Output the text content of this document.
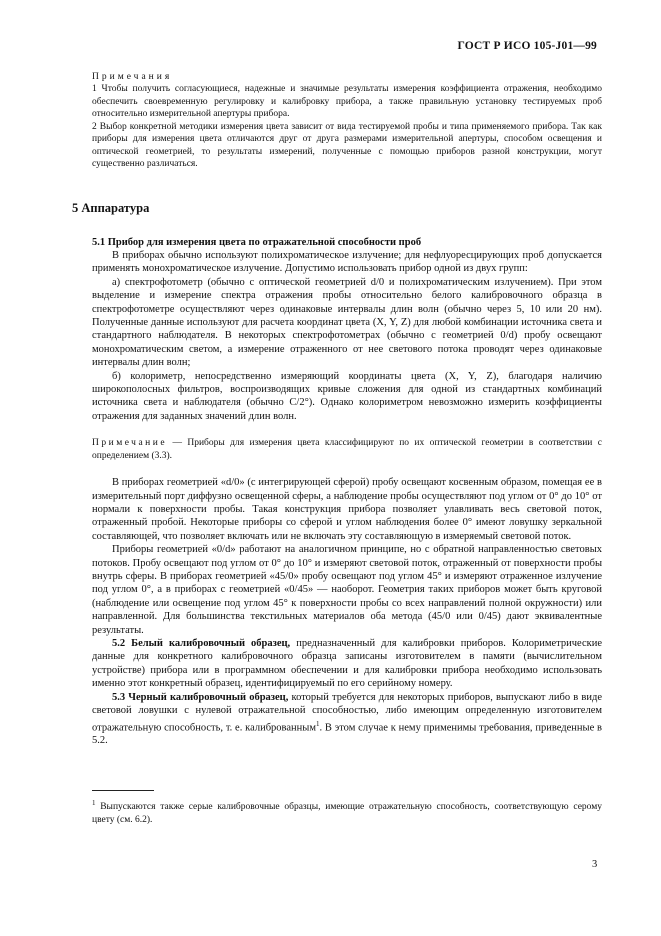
ГОСТ Р ИСО 105-J01—99

Примечания

1 Чтобы получить согласующиеся, надежные и значимые результаты измерения коэффициента отражения, необходимо обеспечить своевременную регулировку и калибровку прибора, а также правильную установку тестируемых проб относительно измерительной апертуры прибора.

2 Выбор конкретной методики измерения цвета зависит от вида тестируемой пробы и типа применяемого прибора. Так как приборы для измерения цвета отличаются друг от друга размерами измерительной апертуры, способом освещения и оптической геометрией, то результаты измерений, полученные с помощью приборов разной конструкции, могут существенно различаться.

5 Аппаратура

5.1 Прибор для измерения цвета по отражательной способности проб

В приборах обычно используют полихроматическое излучение; для нефлуоресцирующих проб допускается применять монохроматическое излучение. Допустимо использовать прибор одной из двух групп:

а) спектрофотометр (обычно с оптической геометрией d/0 и полихроматическим излучением). При этом выделение и измерение спектра отражения пробы относительно белого калибровочного образца в спектрофотометре осуществляют через одинаковые интервалы длин волн (обычно через 5, 10 или 20 нм). Полученные данные используют для расчета координат цвета (X, Y, Z) для любой комбинации источника света и стандартного наблюдателя. В некоторых спектрофотометрах (обычно с геометрией 0/d) пробу освещают монохроматическим светом, а измерение отраженного от нее светового потока проводят через одинаковые интервалы длин волн;

б) колориметр, непосредственно измеряющий координаты цвета (X, Y, Z), благодаря наличию широкополосных фильтров, воспроизводящих кривые сложения для одной из стандартных комбинаций источника света и наблюдателя (обычно C/2°). Однако колориметром невозможно измерить коэффициенты отражения для заданных значений длин волн.

Примечание — Приборы для измерения цвета классифицируют по их оптической геометрии в соответствии с определением (3.3).

В приборах геометрией «d/0» (с интегрирующей сферой) пробу освещают косвенным образом, помещая ее в измерительный порт диффузно освещенной сферы, а наблюдение пробы осуществляют под углом от 0° до 10° от нормали к поверхности пробы. Такая конструкция прибора позволяет улавливать весь световой поток, отраженный пробой. Некоторые приборы со сферой и углом наблюдения более 0° имеют ловушку зеркальной составляющей, что позволяет включать или не включать эту составляющую в измеряемый световой поток.

Приборы геометрией «0/d» работают на аналогичном принципе, но с обратной направленностью световых потоков. Пробу освещают под углом от 0° до 10° и измеряют световой поток, отраженный от поверхности пробы внутрь сферы. В приборах геометрией «45/0» пробу освещают под углом 45° и измеряют отраженное излучение под углом 0°, а в приборах с геометрией «0/45» — наоборот. Геометрия таких приборов может быть круговой (наблюдение или освещение под углом 45° к поверхности пробы со всех направлений полной окружности) или направленной. Для большинства текстильных материалов оба метода (45/0 или 0/45) дают эквивалентные результаты.

5.2 Белый калибровочный образец, предназначенный для калибровки приборов. Колориметрические данные для конкретного калибровочного образца записаны изготовителем в памяти (вычислительном устройстве) прибора или в программном обеспечении и для калибровки прибора необходимо использовать именно этот конкретный образец, идентифицируемый по его серийному номеру.

5.3 Черный калибровочный образец, который требуется для некоторых приборов, выпускают либо в виде световой ловушки с нулевой отражательной способностью, либо имеющим определенную изготовителем отражательную способность, т. е. калиброванным$^1$. В этом случае к нему применимы требования, приведенные в 5.2.

$^1$ Выпускаются также серые калибровочные образцы, имеющие отражательную способность, соответствующую серому цвету (см. 6.2).
3
